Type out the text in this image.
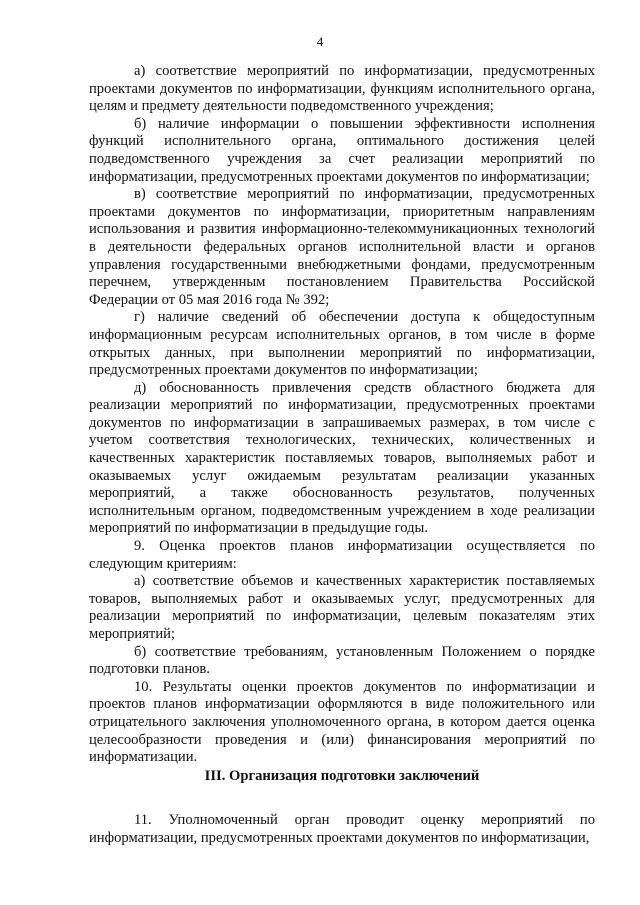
4

а) соответствие мероприятий по информатизации, предусмотренных проектами документов по информатизации, функциям исполнительного органа, целям и предмету деятельности подведомственного учреждения;

б) наличие информации о повышении эффективности исполнения функций исполнительного органа, оптимального достижения целей подведомственного учреждения за счет реализации мероприятий по информатизации, предусмотренных проектами документов по информатизации;

в) соответствие мероприятий по информатизации, предусмотренных проектами документов по информатизации, приоритетным направлениям использования и развития информационно-телекоммуникационных технологий в деятельности федеральных органов исполнительной власти и органов управления государственными внебюджетными фондами, предусмотренным перечнем, утвержденным постановлением Правительства Российской Федерации от 05 мая 2016 года № 392;

г) наличие сведений об обеспечении доступа к общедоступным информационным ресурсам исполнительных органов, в том числе в форме открытых данных, при выполнении мероприятий по информатизации, предусмотренных проектами документов по информатизации;

д) обоснованность привлечения средств областного бюджета для реализации мероприятий по информатизации, предусмотренных проектами документов по информатизации в запрашиваемых размерах, в том числе с учетом соответствия технологических, технических, количественных и качественных характеристик поставляемых товаров, выполняемых работ и оказываемых услуг ожидаемым результатам реализации указанных мероприятий, а также обоснованность результатов, полученных исполнительным органом, подведомственным учреждением в ходе реализации мероприятий по информатизации в предыдущие годы.

9. Оценка проектов планов информатизации осуществляется по следующим критериям:

а) соответствие объемов и качественных характеристик поставляемых товаров, выполняемых работ и оказываемых услуг, предусмотренных для реализации мероприятий по информатизации, целевым показателям этих мероприятий;

б) соответствие требованиям, установленным Положением о порядке подготовки планов.

10. Результаты оценки проектов документов по информатизации и проектов планов информатизации оформляются в виде положительного или отрицательного заключения уполномоченного органа, в котором дается оценка целесообразности проведения и (или) финансирования мероприятий по информатизации.

III. Организация подготовки заключений

11. Уполномоченный орган проводит оценку мероприятий по информатизации, предусмотренных проектами документов по информатизации,
